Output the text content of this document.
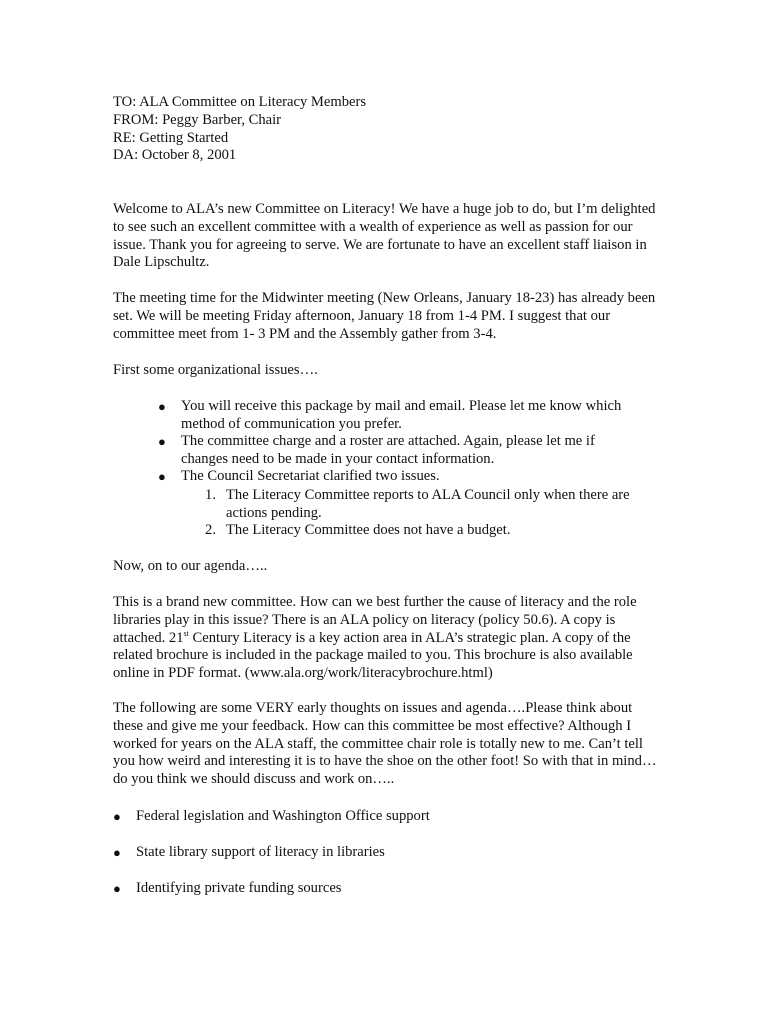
TO: ALA Committee on Literacy Members
FROM: Peggy Barber, Chair
RE: Getting Started
DA: October 8, 2001

Welcome to ALA’s new Committee on Literacy! We have a huge job to do, but I’m delighted to see such an excellent committee with a wealth of experience as well as passion for our issue. Thank you for agreeing to serve. We are fortunate to have an excellent staff liaison in Dale Lipschultz.

The meeting time for the Midwinter meeting (New Orleans, January 18-23) has already been set. We will be meeting Friday afternoon, January 18 from 1-4 PM. I suggest that our committee meet from 1- 3 PM and the Assembly gather from 3-4.

First some organizational issues….

● You will receive this package by mail and email. Please let me know which method of communication you prefer.
● The committee charge and a roster are attached. Again, please let me if changes need to be made in your contact information.
● The Council Secretariat clarified two issues.
1. The Literacy Committee reports to ALA Council only when there are actions pending.
2. The Literacy Committee does not have a budget.

Now, on to our agenda…..

This is a brand new committee. How can we best further the cause of literacy and the role libraries play in this issue? There is an ALA policy on literacy (policy 50.6). A copy is attached. 21st Century Literacy is a key action area in ALA’s strategic plan. A copy of the related brochure is included in the package mailed to you. This brochure is also available online in PDF format. (www.ala.org/work/literacybrochure.html)

The following are some VERY early thoughts on issues and agenda….Please think about these and give me your feedback. How can this committee be most effective? Although I worked for years on the ALA staff, the committee chair role is totally new to me. Can’t tell you how weird and interesting it is to have the shoe on the other foot! So with that in mind…do you think we should discuss and work on…..

● Federal legislation and Washington Office support
● State library support of literacy in libraries
● Identifying private funding sources
